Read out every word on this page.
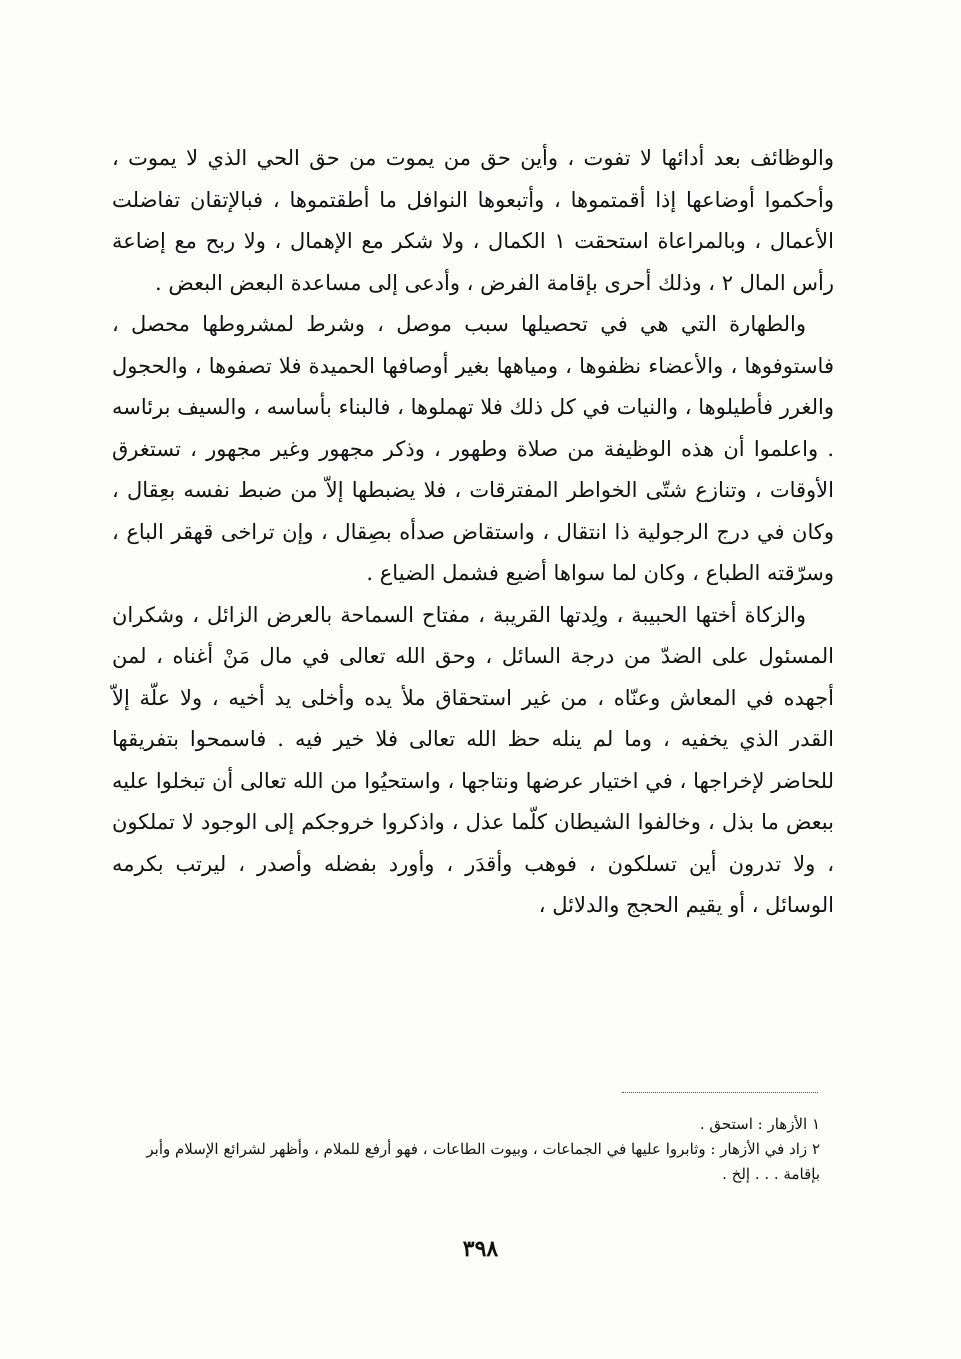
والوظائف بعد أدائها لا تفوت ، وأين حق من يموت من حق الحي الذي لا يموت ، وأحكموا أوضاعها إذا أقمتموها ، وأتبعوها النوافل ما أطقتموها ، فبالإتقان تفاضلت الأعمال ، وبالمراعاة استحقت ١ الكمال ، ولا شكر مع الإهمال ، ولا ربح مع إضاعة رأس المال ٢ ، وذلك أحرى بإقامة الفرض ، وأدعى إلى مساعدة البعض البعض .

والطهارة التي هي في تحصيلها سبب موصل ، وشرط لمشروطها محصل ، فاستوفوها ، والأعضاء نظفوها ، ومياهها بغير أوصافها الحميدة فلا تصفوها ، والحجول والغرر فأطيلوها ، والنيات في كل ذلك فلا تهملوها ، فالبناء بأساسه ، والسيف برئاسه . واعلموا أن هذه الوظيفة من صلاة وطهور ، وذكر مجهور وغير مجهور ، تستغرق الأوقات ، وتنازع شتّى الخواطر المفترقات ، فلا يضبطها إلاّ من ضبط نفسه بعِقال ، وكان في درج الرجولية ذا انتقال ، واستقاض صدأه بصِقال ، وإن تراخى قهقر الباع ، وسرّقته الطباع ، وكان لما سواها أضيع فشمل الضياع .

والزكاة أختها الحبيبة ، ولِدتها القريبة ، مفتاح السماحة بالعرض الزائل ، وشكران المسئول على الضدّ من درجة السائل ، وحق الله تعالى في مال مَنْ أغناه ، لمن أجهده في المعاش وعنّاه ، من غير استحقاق ملأ يده وأخلى يد أخيه ، ولا علّة إلاّ القدر الذي يخفيه ، وما لم ينله حظ الله تعالى فلا خير فيه . فاسمحوا بتفريقها للحاضر لإخراجها ، في اختيار عرضها ونتاجها ، واستحيُوا من الله تعالى أن تبخلوا عليه ببعض ما بذل ، وخالفوا الشيطان كلّما عذل ، واذكروا خروجكم إلى الوجود لا تملكون ، ولا تدرون أين تسلكون ، فوهب وأقدَر ، وأورد بفضله وأصدر ، ليرتب بكرمه الوسائل ، أو يقيم الحجج والدلائل ،

١ الأزهار : استحق .

٢ زاد في الأزهار : وثابروا عليها في الجماعات ، وبيوت الطاعات ، فهو أرفع للملام ، وأظهر لشرائع الإسلام وأبر بإقامة . . . إلخ .

٣٩٨
